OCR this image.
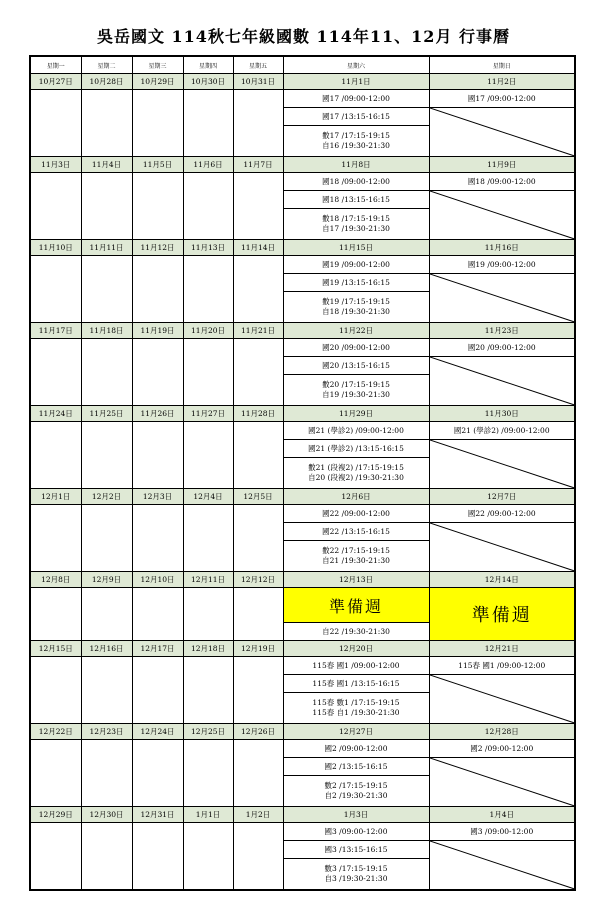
吳岳國文 114秋七年級國數 114年11、12月 行事曆
星期一	星期二	星期三	星期四	星期五	星期六	星期日
10月27日	10月28日	10月29日	10月30日	10月31日	11月1日	11月2日
					國17 /09:00-12:00	國17 /09:00-12:00
					國17 /13:15-16:15	

					數17 /17:15-19:15
自16 /19:30-21:30	

11月3日	11月4日	11月5日	11月6日	11月7日	11月8日	11月9日
					國18 /09:00-12:00	國18 /09:00-12:00
					國18 /13:15-16:15	

					數18 /17:15-19:15
自17 /19:30-21:30	

11月10日	11月11日	11月12日	11月13日	11月14日	11月15日	11月16日
					國19 /09:00-12:00	國19 /09:00-12:00
					國19 /13:15-16:15	

					數19 /17:15-19:15
自18 /19:30-21:30	

11月17日	11月18日	11月19日	11月20日	11月21日	11月22日	11月23日
					國20 /09:00-12:00	國20 /09:00-12:00
					國20 /13:15-16:15	

					數20 /17:15-19:15
自19 /19:30-21:30	

11月24日	11月25日	11月26日	11月27日	11月28日	11月29日	11月30日
					國21 (學診2) /09:00-12:00	國21 (學診2) /09:00-12:00
					國21 (學診2) /13:15-16:15	

					數21 (段複2) /17:15-19:15
自20 (段複2) /19:30-21:30	

12月1日	12月2日	12月3日	12月4日	12月5日	12月6日	12月7日
					國22 /09:00-12:00	國22 /09:00-12:00
					國22 /13:15-16:15	

					數22 /17:15-19:15
自21 /19:30-21:30	

12月8日	12月9日	12月10日	12月11日	12月12日	12月13日	12月14日
					準備週	準備週
					自22 /19:30-21:30	
12月15日	12月16日	12月17日	12月18日	12月19日	12月20日	12月21日
					115春 國1 /09:00-12:00	115春 國1 /09:00-12:00
					115春 國1 /13:15-16:15	

					115春 數1 /17:15-19:15
115春 自1 /19:30-21:30	

12月22日	12月23日	12月24日	12月25日	12月26日	12月27日	12月28日
					國2 /09:00-12:00	國2 /09:00-12:00
					國2 /13:15-16:15	

					數2 /17:15-19:15
自2 /19:30-21:30	

12月29日	12月30日	12月31日	1月1日	1月2日	1月3日	1月4日
					國3 /09:00-12:00	國3 /09:00-12:00
					國3 /13:15-16:15	

					數3 /17:15-19:15
自3 /19:30-21:30	
